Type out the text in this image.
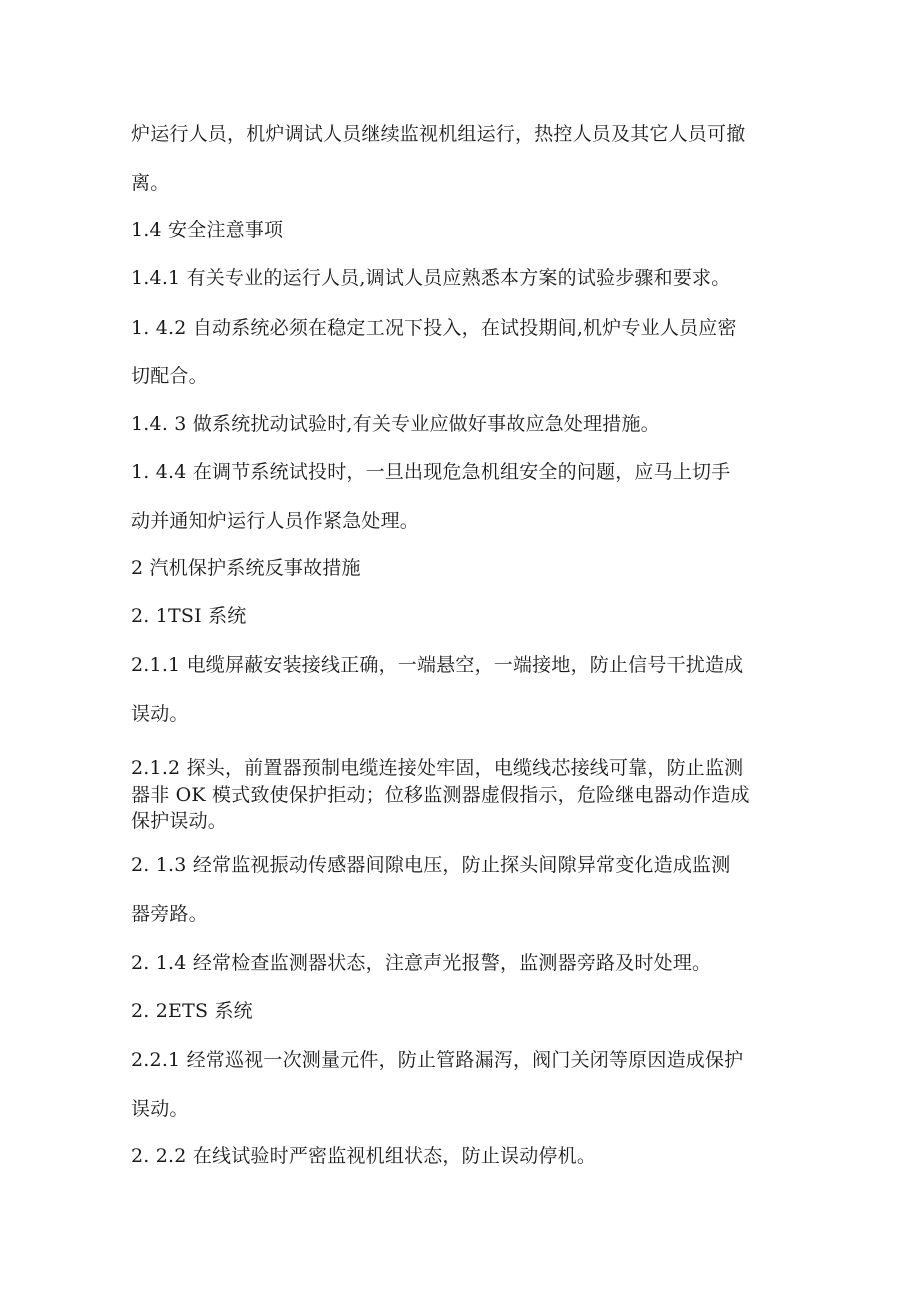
炉运行人员，机炉调试人员继续监视机组运行，热控人员及其它人员可撤
离。
1.4 安全注意事项
1.4.1 有关专业的运行人员,调试人员应熟悉本方案的试验步骤和要求。
1. 4.2 自动系统必须在稳定工况下投入，在试投期间,机炉专业人员应密
切配合。
1.4. 3 做系统扰动试验时,有关专业应做好事故应急处理措施。
1. 4.4 在调节系统试投时，一旦出现危急机组安全的问题，应马上切手
动并通知炉运行人员作紧急处理。
2 汽机保护系统反事故措施
2. 1TSI 系统
2.1.1 电缆屏蔽安装接线正确，一端悬空，一端接地，防止信号干扰造成
误动。
2.1.2 探头，前置器预制电缆连接处牢固，电缆线芯接线可靠，防止监测
器非 OK 模式致使保护拒动；位移监测器虚假指示，危险继电器动作造成
保护误动。
2. 1.3 经常监视振动传感器间隙电压，防止探头间隙异常变化造成监测
器旁路。
2. 1.4 经常检查监测器状态，注意声光报警，监测器旁路及时处理。
2. 2ETS 系统
2.2.1 经常巡视一次测量元件，防止管路漏泻，阀门关闭等原因造成保护
误动。
2. 2.2 在线试验时严密监视机组状态，防止误动停机。
